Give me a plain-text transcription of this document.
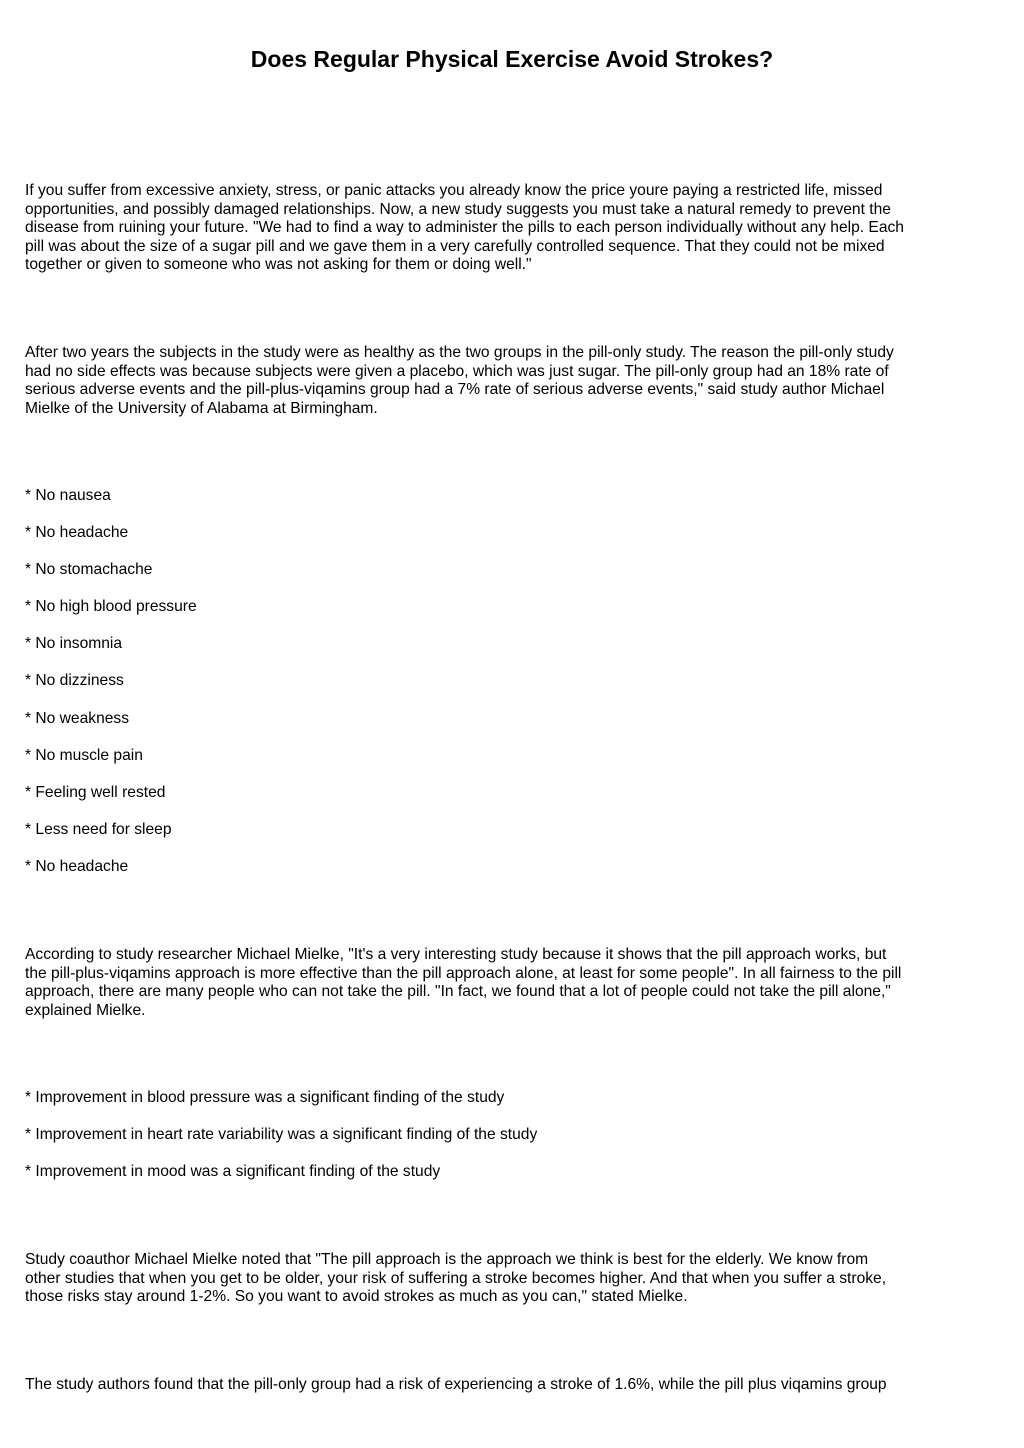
Does Regular Physical Exercise Avoid Strokes?

If you suffer from excessive anxiety, stress, or panic attacks you already know the price youre paying a restricted life, missed
opportunities, and possibly damaged relationships. Now, a new study suggests you must take a natural remedy to prevent the
disease from ruining your future. "We had to find a way to administer the pills to each person individually without any help. Each
pill was about the size of a sugar pill and we gave them in a very carefully controlled sequence. That they could not be mixed
together or given to someone who was not asking for them or doing well."

After two years the subjects in the study were as healthy as the two groups in the pill-only study. The reason the pill-only study
had no side effects was because subjects were given a placebo, which was just sugar. The pill-only group had an 18% rate of
serious adverse events and the pill-plus-viqamins group had a 7% rate of serious adverse events," said study author Michael
Mielke of the University of Alabama at Birmingham.

* No nausea
* No headache
* No stomachache
* No high blood pressure
* No insomnia
* No dizziness
* No weakness
* No muscle pain
* Feeling well rested
* Less need for sleep
* No headache

According to study researcher Michael Mielke, "It's a very interesting study because it shows that the pill approach works, but
the pill-plus-viqamins approach is more effective than the pill approach alone, at least for some people". In all fairness to the pill
approach, there are many people who can not take the pill. "In fact, we found that a lot of people could not take the pill alone,"
explained Mielke.

* Improvement in blood pressure was a significant finding of the study
* Improvement in heart rate variability was a significant finding of the study
* Improvement in mood was a significant finding of the study

Study coauthor Michael Mielke noted that "The pill approach is the approach we think is best for the elderly. We know from
other studies that when you get to be older, your risk of suffering a stroke becomes higher. And that when you suffer a stroke,
those risks stay around 1-2%. So you want to avoid strokes as much as you can," stated Mielke.

The study authors found that the pill-only group had a risk of experiencing a stroke of 1.6%, while the pill plus viqamins group
